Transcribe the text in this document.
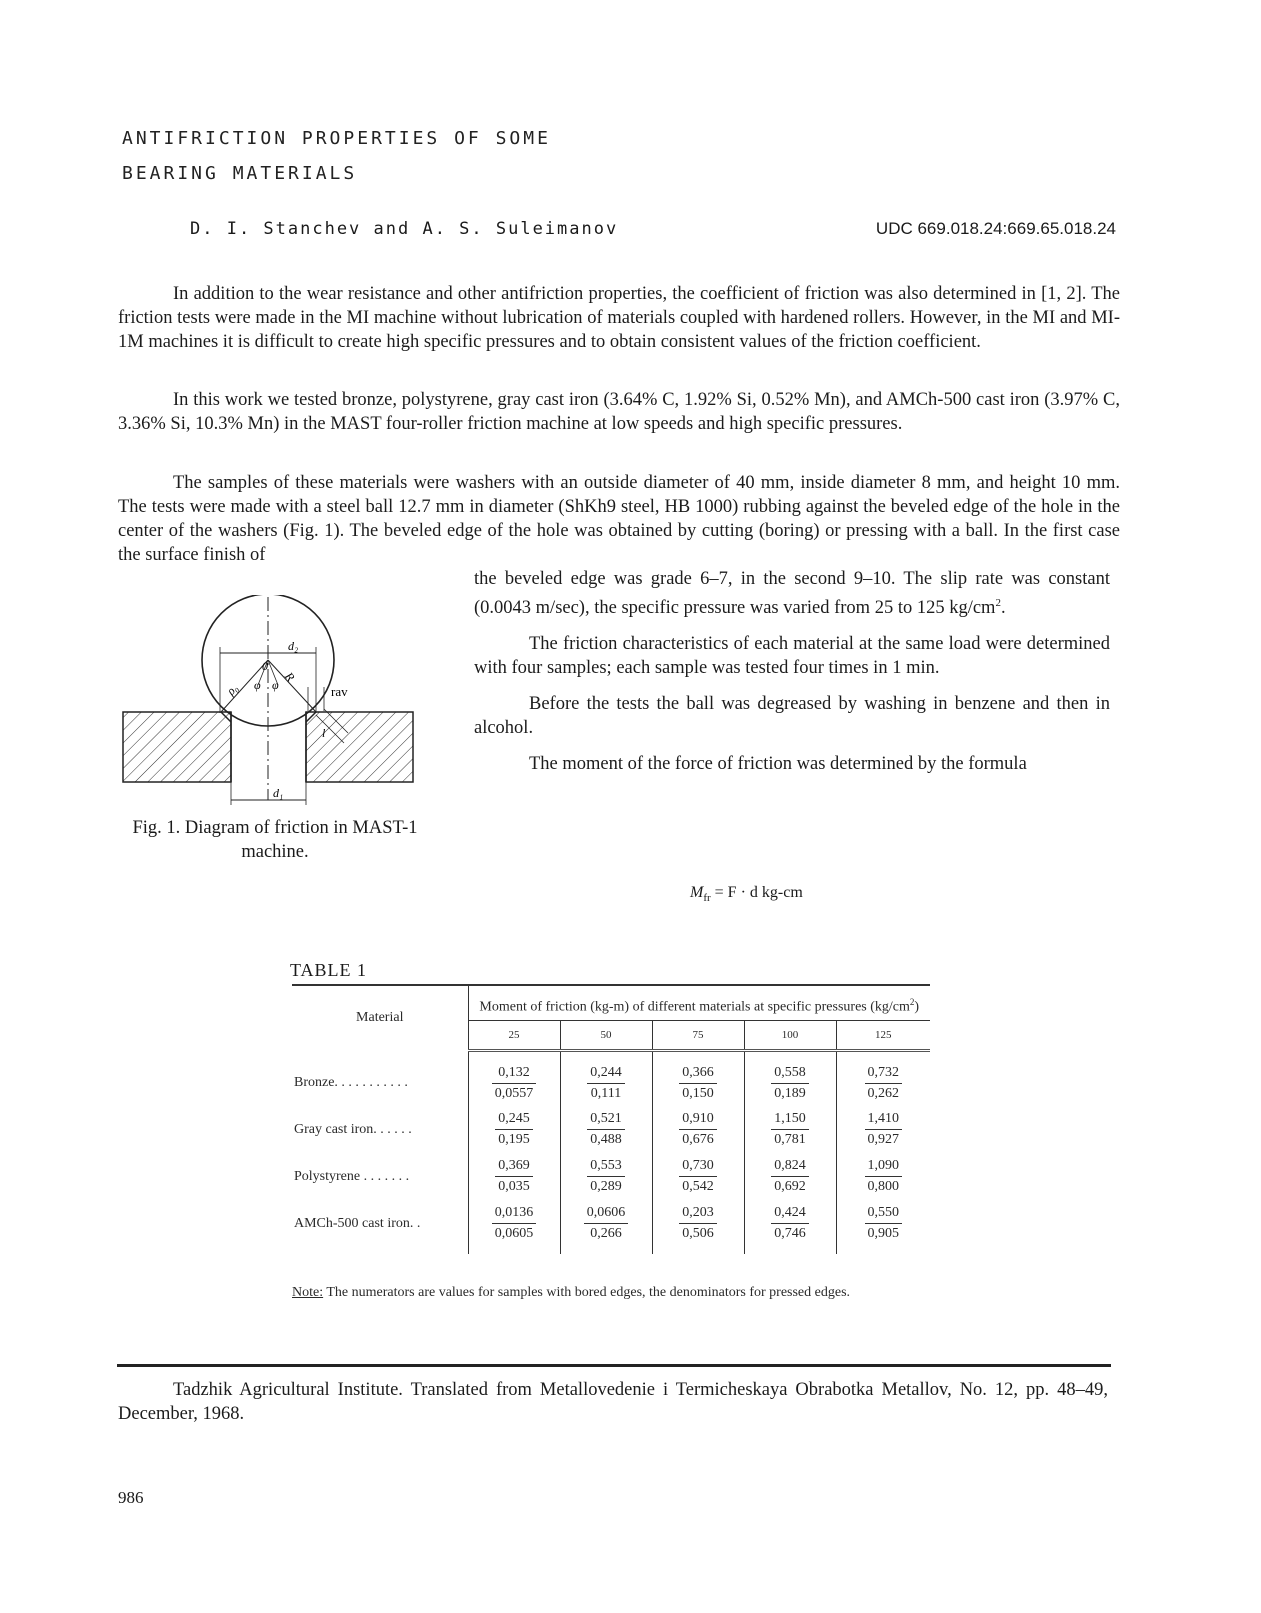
ANTIFRICTION PROPERTIES OF SOME
BEARING MATERIALS
D. I. Stanchev and A. S. Suleimanov	UDC 669.018.24:669.65.018.24

In addition to the wear resistance and other antifriction properties, the coefficient of friction was also determined in [1, 2]. The friction tests were made in the MI machine without lubrication of materials coupled with hardened rollers. However, in the MI and MI-1M machines it is difficult to create high specific pressures and to obtain consistent values of the friction coefficient.

In this work we tested bronze, polystyrene, gray cast iron (3.64% C, 1.92% Si, 0.52% Mn), and AMCh-500 cast iron (3.97% C, 3.36% Si, 10.3% Mn) in the MAST four-roller friction machine at low speeds and high specific pressures.

The samples of these materials were washers with an outside diameter of 40 mm, inside diameter 8 mm, and height 10 mm. The tests were made with a steel ball 12.7 mm in diameter (ShKh9 steel, HB 1000) rubbing against the beveled edge of the hole in the center of the washers (Fig. 1). The beveled edge of the hole was obtained by cutting (boring) or pressing with a ball. In the first case the surface finish of

the beveled edge was grade 6–7, in the second 9–10. The slip rate was constant (0.0043 m/sec), the specific pressure was varied from 25 to 125 $kg/cm^2$.

The friction characteristics of each material at the same load were determined with four samples; each sample was tested four times in 1 min.

Before the tests the ball was degreased by washing in benzene and then in alcohol.

The moment of the force of friction was determined by the formula

d₂
0
ρ₀ φ φ
R
rav
l
d₁
Fig. 1. Diagram of friction in MAST-1 machine.
$M_{fr} = F \cdot d$ kg-cm
TABLE 1
Material	Moment of friction (kg-m) of different materials at specific pressures $(kg/cm^2)$				
	25	50	75	100	125
Bronze. . . . . . . . . . .	$\frac{0,132}{0,0557}$	$\frac{0,244}{0,111}$	$\frac{0,366}{0,150}$	$\frac{0,558}{0,189}$	$\frac{0,732}{0,262}$

Gray cast iron. . . . . .	$\frac{0,245}{0,195}$	$\frac{0,521}{0,488}$	$\frac{0,910}{0,676}$	$\frac{1,150}{0,781}$	$\frac{1,410}{0,927}$

Polystyrene . . . . . . .	$\frac{0,369}{0,035}$	$\frac{0,553}{0,289}$	$\frac{0,730}{0,542}$	$\frac{0,824}{0,692}$	$\frac{1,090}{0,800}$

AMCh-500 cast iron. .	$\frac{0,0136}{0,0605}$	$\frac{0,0606}{0,266}$	$\frac{0,203}{0,506}$	$\frac{0,424}{0,746}$	$\frac{0,550}{0,905}$
Note: The numerators are values for samples with bored edges, the denominators for pressed edges.

Tadzhik Agricultural Institute. Translated from Metallovedenie i Termicheskaya Obrabotka Metallov, No. 12, pp. 48–49, December, 1968.

986
